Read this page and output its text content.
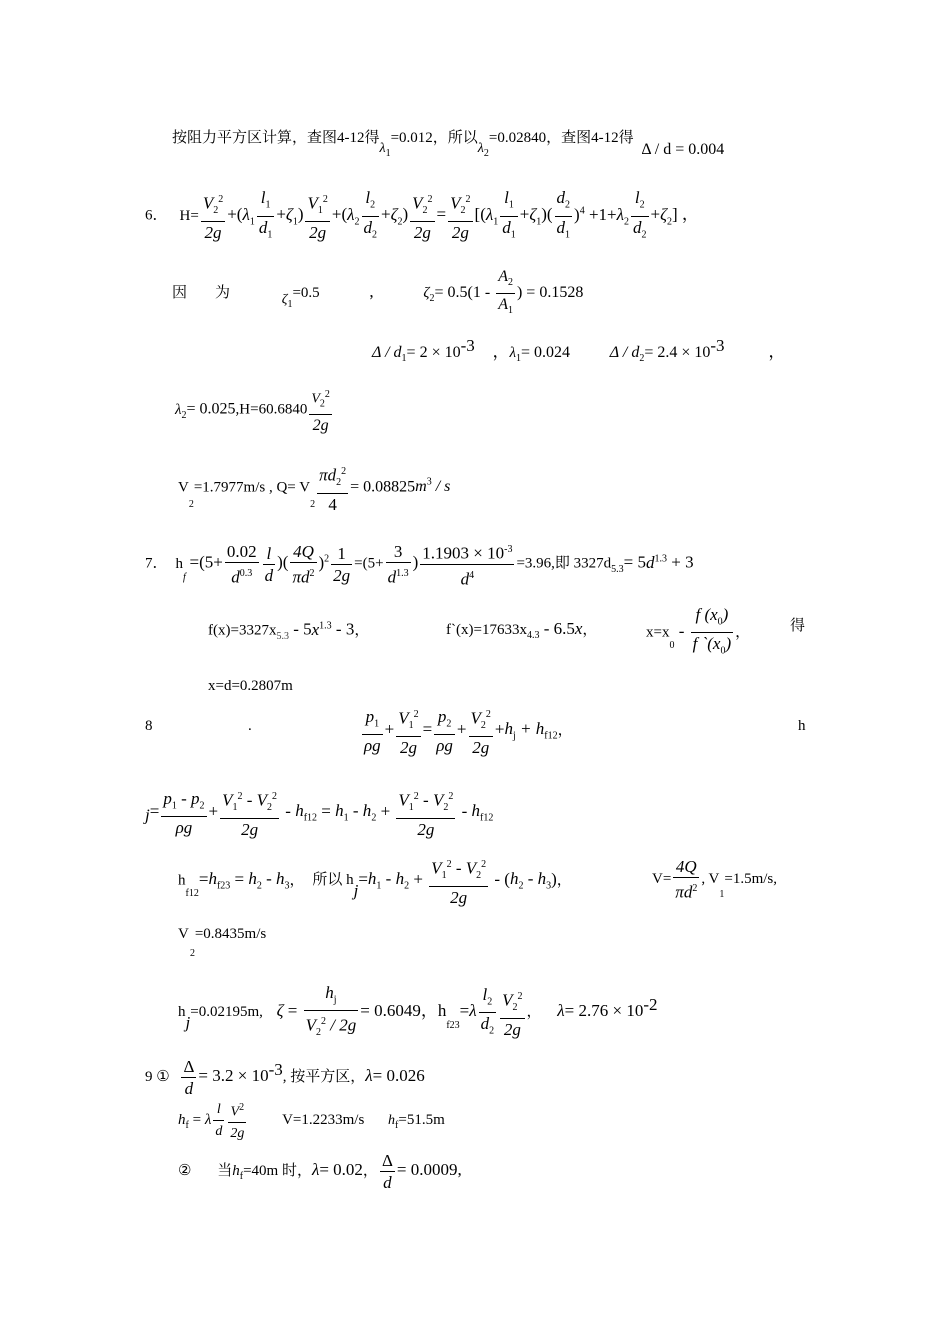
按阻力平方区计算，查图4-12得$\lambda_1=0.012$，所以$\lambda_2=0.02840$，查图4-12得 Δ / d = 0.004
6． $H= \frac{V_2^2}{2g} +(\lambda_1 \frac{l_1}{d_1} +\zeta_1) \frac{V_1^2}{2g} +(\lambda_2 \frac{l_2}{d_2} +\zeta_2) \frac{V_2^2}{2g} = \frac{V_2^2}{2g} [(\lambda_1 \frac{l_1}{d_1} +\zeta_1)( \frac{d_2}{d_1} )^4 +1+\lambda_2 \frac{l_2}{d_2} +\zeta_2]$ ，
因 为	$\zeta_1=0.5$	,	$\zeta_2= 0.5(1 - \frac{A_2}{A_1}$ ) = 0.1528
$\Delta / d_1= 2 \times 10^{-3}$ ，$\lambda_1= 0.024$ $\Delta / d_2= 2.4 \times 10^{-3}$	，
$\lambda_2= 0.025,H=60.6840 \frac{V_2^2}{2g}$
$V_2=1.7977m/s$ , $Q= V_2 \frac{\pi d_2^2}{4} = 0.08825m^3 / s$
7． $h_f =(5+ \frac{0.02}{d^{0.3}} \frac{l}{d}$ )( $\frac{4Q}{\pi d^2} )^2 \frac{1}{2g} =(5+ \frac{3}{d^{1.3}}$ ) $\frac{1.1903 \times 10^{-3}}{d^4} =3.96$,即 $3327d^{5.3}= 5d^{1.3} + 3$
$f(x)=3327x^{5.3} - 5x^{1.3} - 3$，	$f`(x)=17633x^{4.3} - 6.5x$，	$x=x_0 - \frac{f (x_0)}{f `(x_0)}$ ，	得
x=d=0.2807m
8	.	$\frac{p_1}{\rho g} + \frac{V_1^2}{2g} = \frac{p_2}{\rho g} + \frac{V_2^2}{2g} +h_j + h_{f12}$，	h
$_j= \frac{p_1 - p_2}{\rho g} + \frac{V_1^2 - V_2^2}{2g} - h_{f12} = h_1 - h_2 + \frac{V_1^2 - V_2^2}{2g} - h_{f12}$
$h_{f12}=h_{f23} = h_2 - h_3$， 所以 $h_j=h_1 - h_2 + \frac{V_1^2 - V_2^2}{2g} - (h_2 - h_3)$，	$V= \frac{4Q}{\pi d^2}$ , $V_1=1.5m/s$,
V =0.8435m/s
2
$h_j=0.02195m$, $\zeta = \frac{h_j}{V_2^2 / 2g} = 0.6049$，$h_{f23}=\lambda \frac{l_2}{d_2} \frac{V_2^2}{2g}$ ， $\lambda= 2.76 \times 10^{-2}$
9 ① $\frac{\Delta}{d} = 3.2 \times 10^{-3}$, 按平方区，λ= 0.026
$h_f = \lambda \frac{l}{d} \frac{V^2}{2g} V=1.2233m/s$ $h_f=51.5m$
② 当$h_f=40m$ 时，λ= 0.02， $\frac{\Delta}{d} = 0.0009$,
